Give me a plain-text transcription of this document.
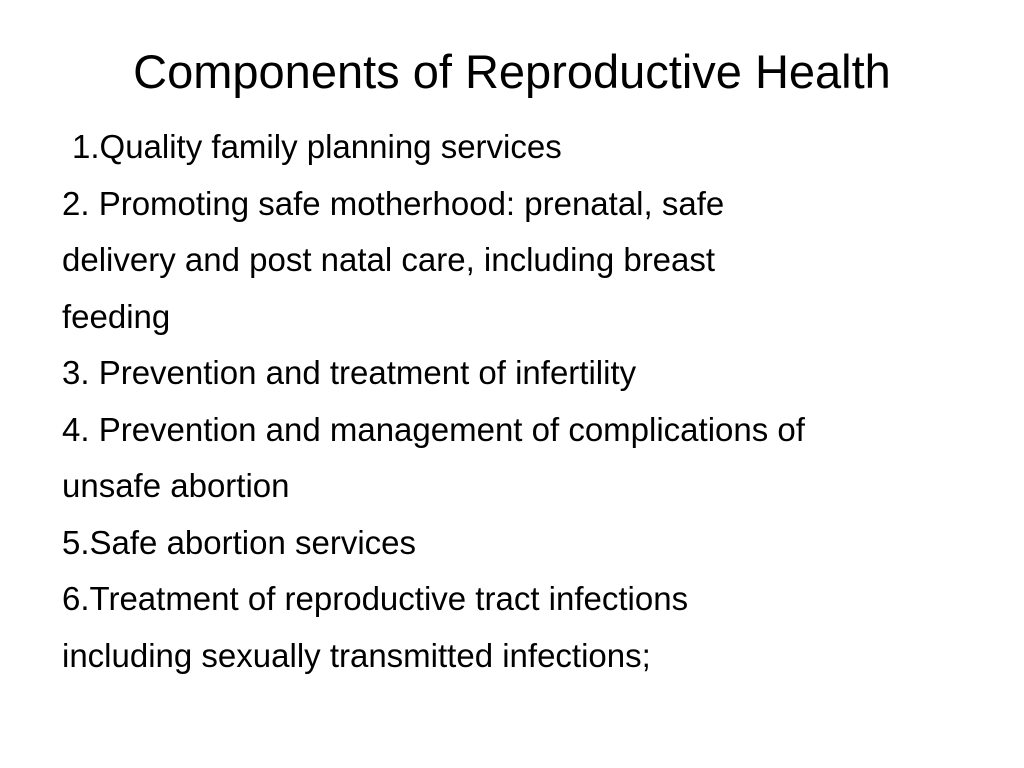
Components of Reproductive Health
1.Quality family planning services
2. Promoting safe motherhood: prenatal, safe
delivery and post natal care, including breast
feeding
3. Prevention and treatment of infertility
4. Prevention and management of complications of
unsafe abortion
5.Safe abortion services
6.Treatment of reproductive tract infections
including sexually transmitted infections;
